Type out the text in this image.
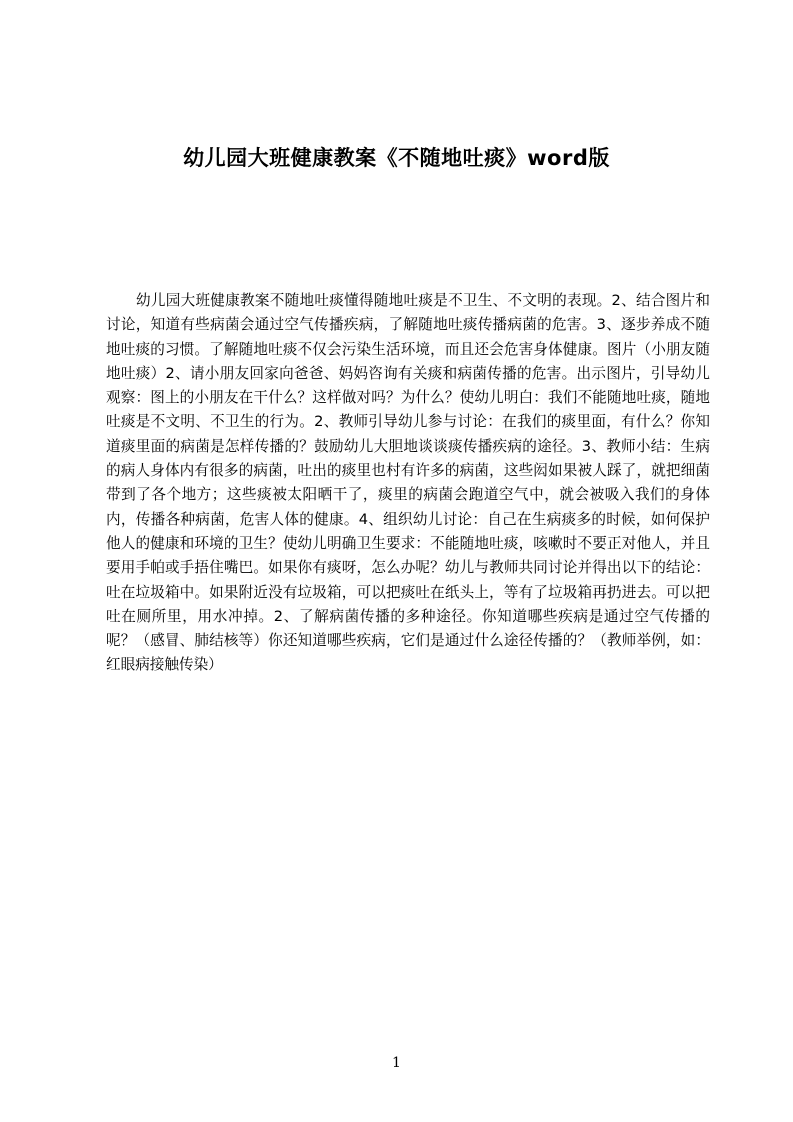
幼儿园大班健康教案《不随地吐痰》word版

幼儿园大班健康教案不随地吐痰懂得随地吐痰是不卫生、不文明的表现。2、结合图片和讨论，知道有些病菌会通过空气传播疾病，了解随地吐痰传播病菌的危害。3、逐步养成不随地吐痰的习惯。了解随地吐痰不仅会污染生活环境，而且还会危害身体健康。图片（小朋友随地吐痰）2、请小朋友回家向爸爸、妈妈咨询有关痰和病菌传播的危害。出示图片，引导幼儿观察：图上的小朋友在干什么？这样做对吗？为什么？使幼儿明白：我们不能随地吐痰，随地吐痰是不文明、不卫生的行为。2、教师引导幼儿参与讨论：在我们的痰里面，有什么？你知道痰里面的病菌是怎样传播的？鼓励幼儿大胆地谈谈痰传播疾病的途径。3、教师小结：生病的病人身体内有很多的病菌，吐出的痰里也村有许多的病菌，这些闳如果被人踩了，就把细菌带到了各个地方；这些痰被太阳晒干了，痰里的病菌会跑道空气中，就会被吸入我们的身体内，传播各种病菌，危害人体的健康。4、组织幼儿讨论：自己在生病痰多的时候，如何保护他人的健康和环境的卫生？使幼儿明确卫生要求：不能随地吐痰，咳嗽时不要正对他人，并且要用手帕或手捂住嘴巴。如果你有痰呀，怎么办呢？幼儿与教师共同讨论并得出以下的结论：吐在垃圾箱中。如果附近没有垃圾箱，可以把痰吐在纸头上，等有了垃圾箱再扔进去。可以把吐在厕所里，用水冲掉。2、了解病菌传播的多种途径。你知道哪些疾病是通过空气传播的呢？（感冒、肺结核等）你还知道哪些疾病，它们是通过什么途径传播的？（教师举例，如：红眼病接触传染）

1
